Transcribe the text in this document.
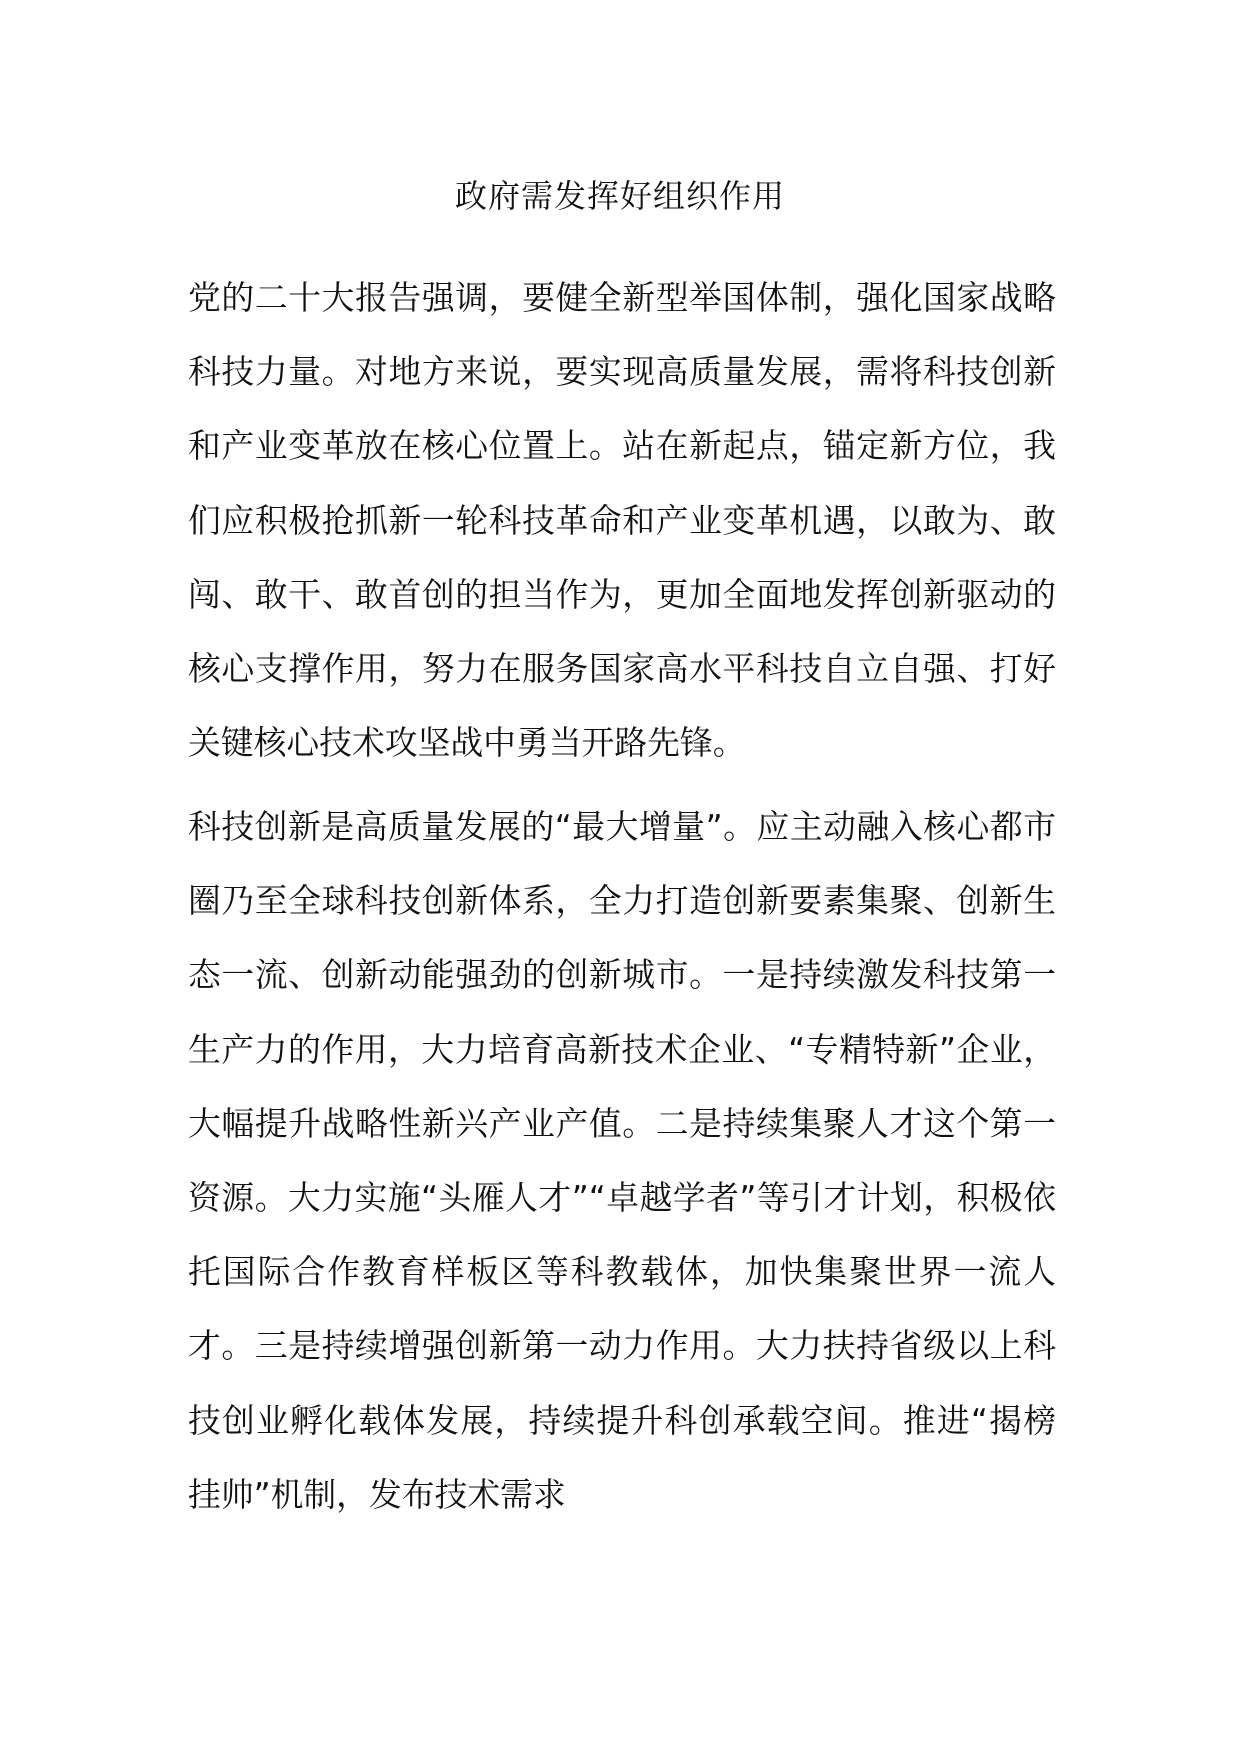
政府需发挥好组织作用

党的二十大报告强调，要健全新型举国体制，强化国家战略科技力量。对地方来说，要实现高质量发展，需将科技创新和产业变革放在核心位置上。站在新起点，锚定新方位，我们应积极抢抓新一轮科技革命和产业变革机遇，以敢为、敢闯、敢干、敢首创的担当作为，更加全面地发挥创新驱动的核心支撑作用，努力在服务国家高水平科技自立自强、打好关键核心技术攻坚战中勇当开路先锋。

科技创新是高质量发展的“最大增量”。应主动融入核心都市圈乃至全球科技创新体系，全力打造创新要素集聚、创新生态一流、创新动能强劲的创新城市。一是持续激发科技第一生产力的作用，大力培育高新技术企业、“专精特新”企业，大幅提升战略性新兴产业产值。二是持续集聚人才这个第一资源。大力实施“头雁人才”“卓越学者”等引才计划，积极依托国际合作教育样板区等科教载体，加快集聚世界一流人才。三是持续增强创新第一动力作用。大力扶持省级以上科技创业孵化载体发展，持续提升科创承载空间。推进“揭榜挂帅”机制，发布技术需求
